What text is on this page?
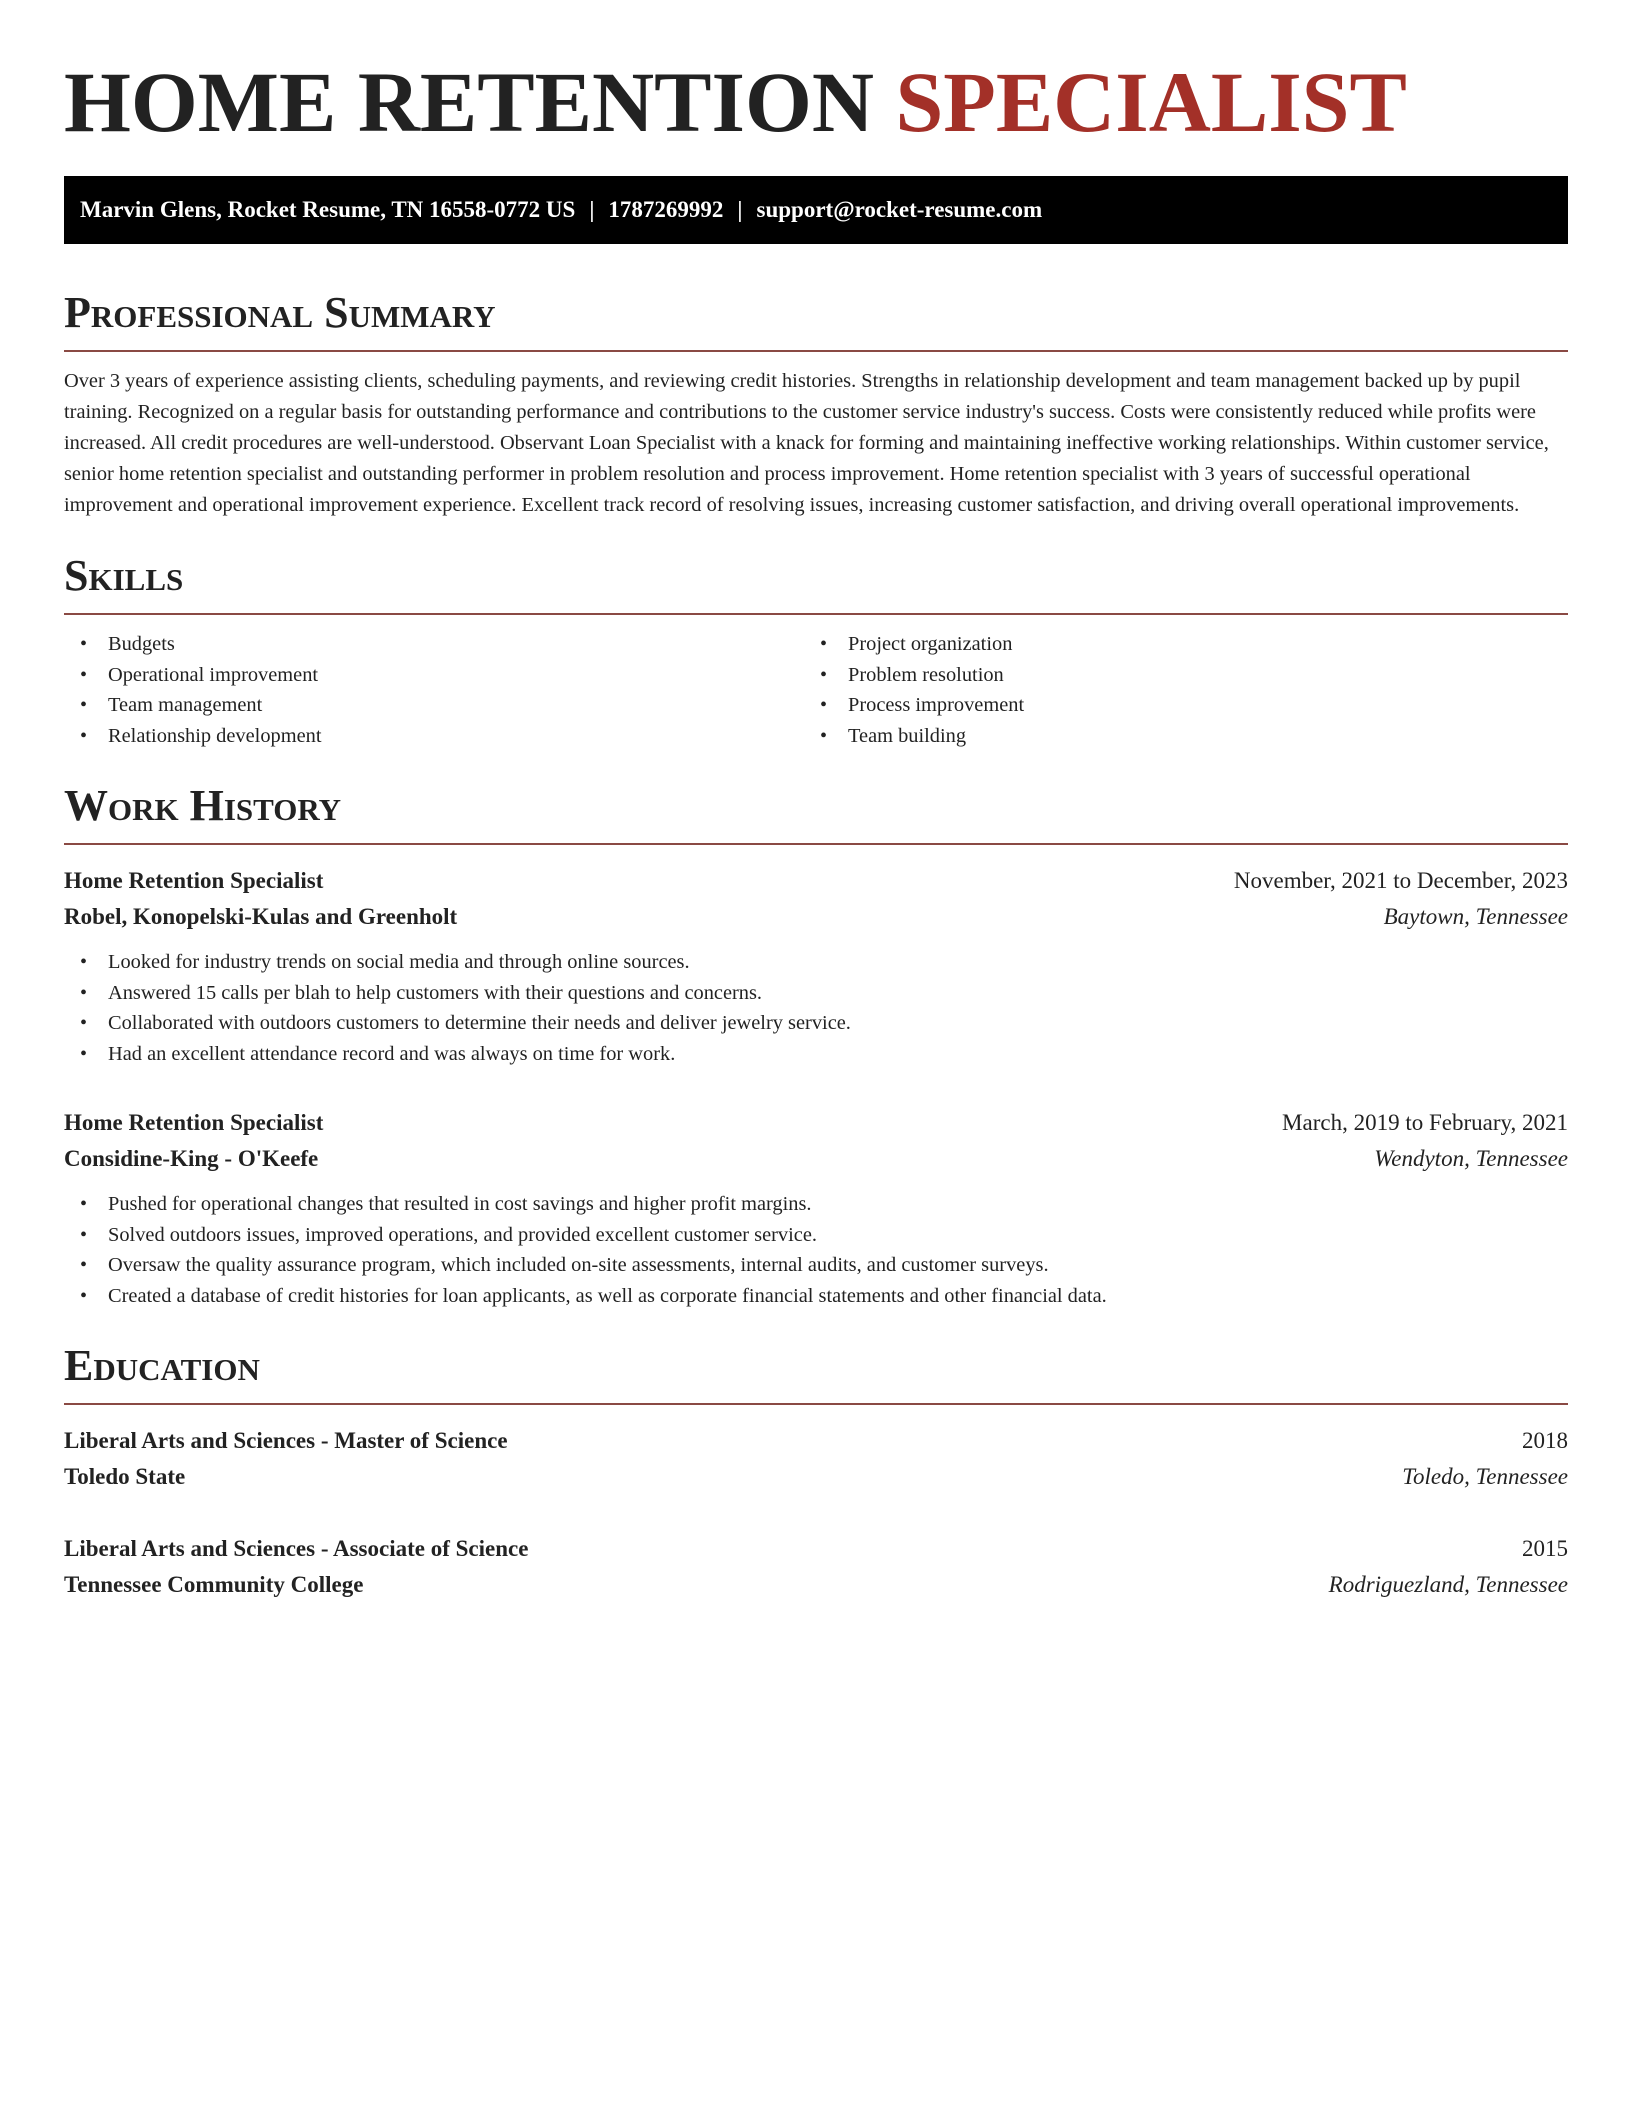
HOME RETENTION SPECIALIST
Marvin Glens, Rocket Resume, TN 16558-0772 US | 1787269992 | support@rocket-resume.com
Professional Summary

Over 3 years of experience assisting clients, scheduling payments, and reviewing credit histories. Strengths in relationship development and team management backed up by pupil training. Recognized on a regular basis for outstanding performance and contributions to the customer service industry's success. Costs were consistently reduced while profits were increased. All credit procedures are well-understood. Observant Loan Specialist with a knack for forming and maintaining ineffective working relationships. Within customer service, senior home retention specialist and outstanding performer in problem resolution and process improvement. Home retention specialist with 3 years of successful operational improvement and operational improvement experience. Excellent track record of resolving issues, increasing customer satisfaction, and driving overall operational improvements.

Skills
• Budgets
• Operational improvement
• Team management
• Relationship development
• Project organization
• Problem resolution
• Process improvement
• Team building
Work History
Home Retention Specialist	November, 2021 to December, 2023
Robel, Konopelski-Kulas and Greenholt	Baytown, Tennessee
• Looked for industry trends on social media and through online sources.
• Answered 15 calls per blah to help customers with their questions and concerns.
• Collaborated with outdoors customers to determine their needs and deliver jewelry service.
• Had an excellent attendance record and was always on time for work.
Home Retention Specialist	March, 2019 to February, 2021
Considine-King - O'Keefe	Wendyton, Tennessee
• Pushed for operational changes that resulted in cost savings and higher profit margins.
• Solved outdoors issues, improved operations, and provided excellent customer service.
• Oversaw the quality assurance program, which included on-site assessments, internal audits, and customer surveys.
• Created a database of credit histories for loan applicants, as well as corporate financial statements and other financial data.
Education
Liberal Arts and Sciences - Master of Science	2018
Toledo State	Toledo, Tennessee
Liberal Arts and Sciences - Associate of Science	2015
Tennessee Community College	Rodriguezland, Tennessee
